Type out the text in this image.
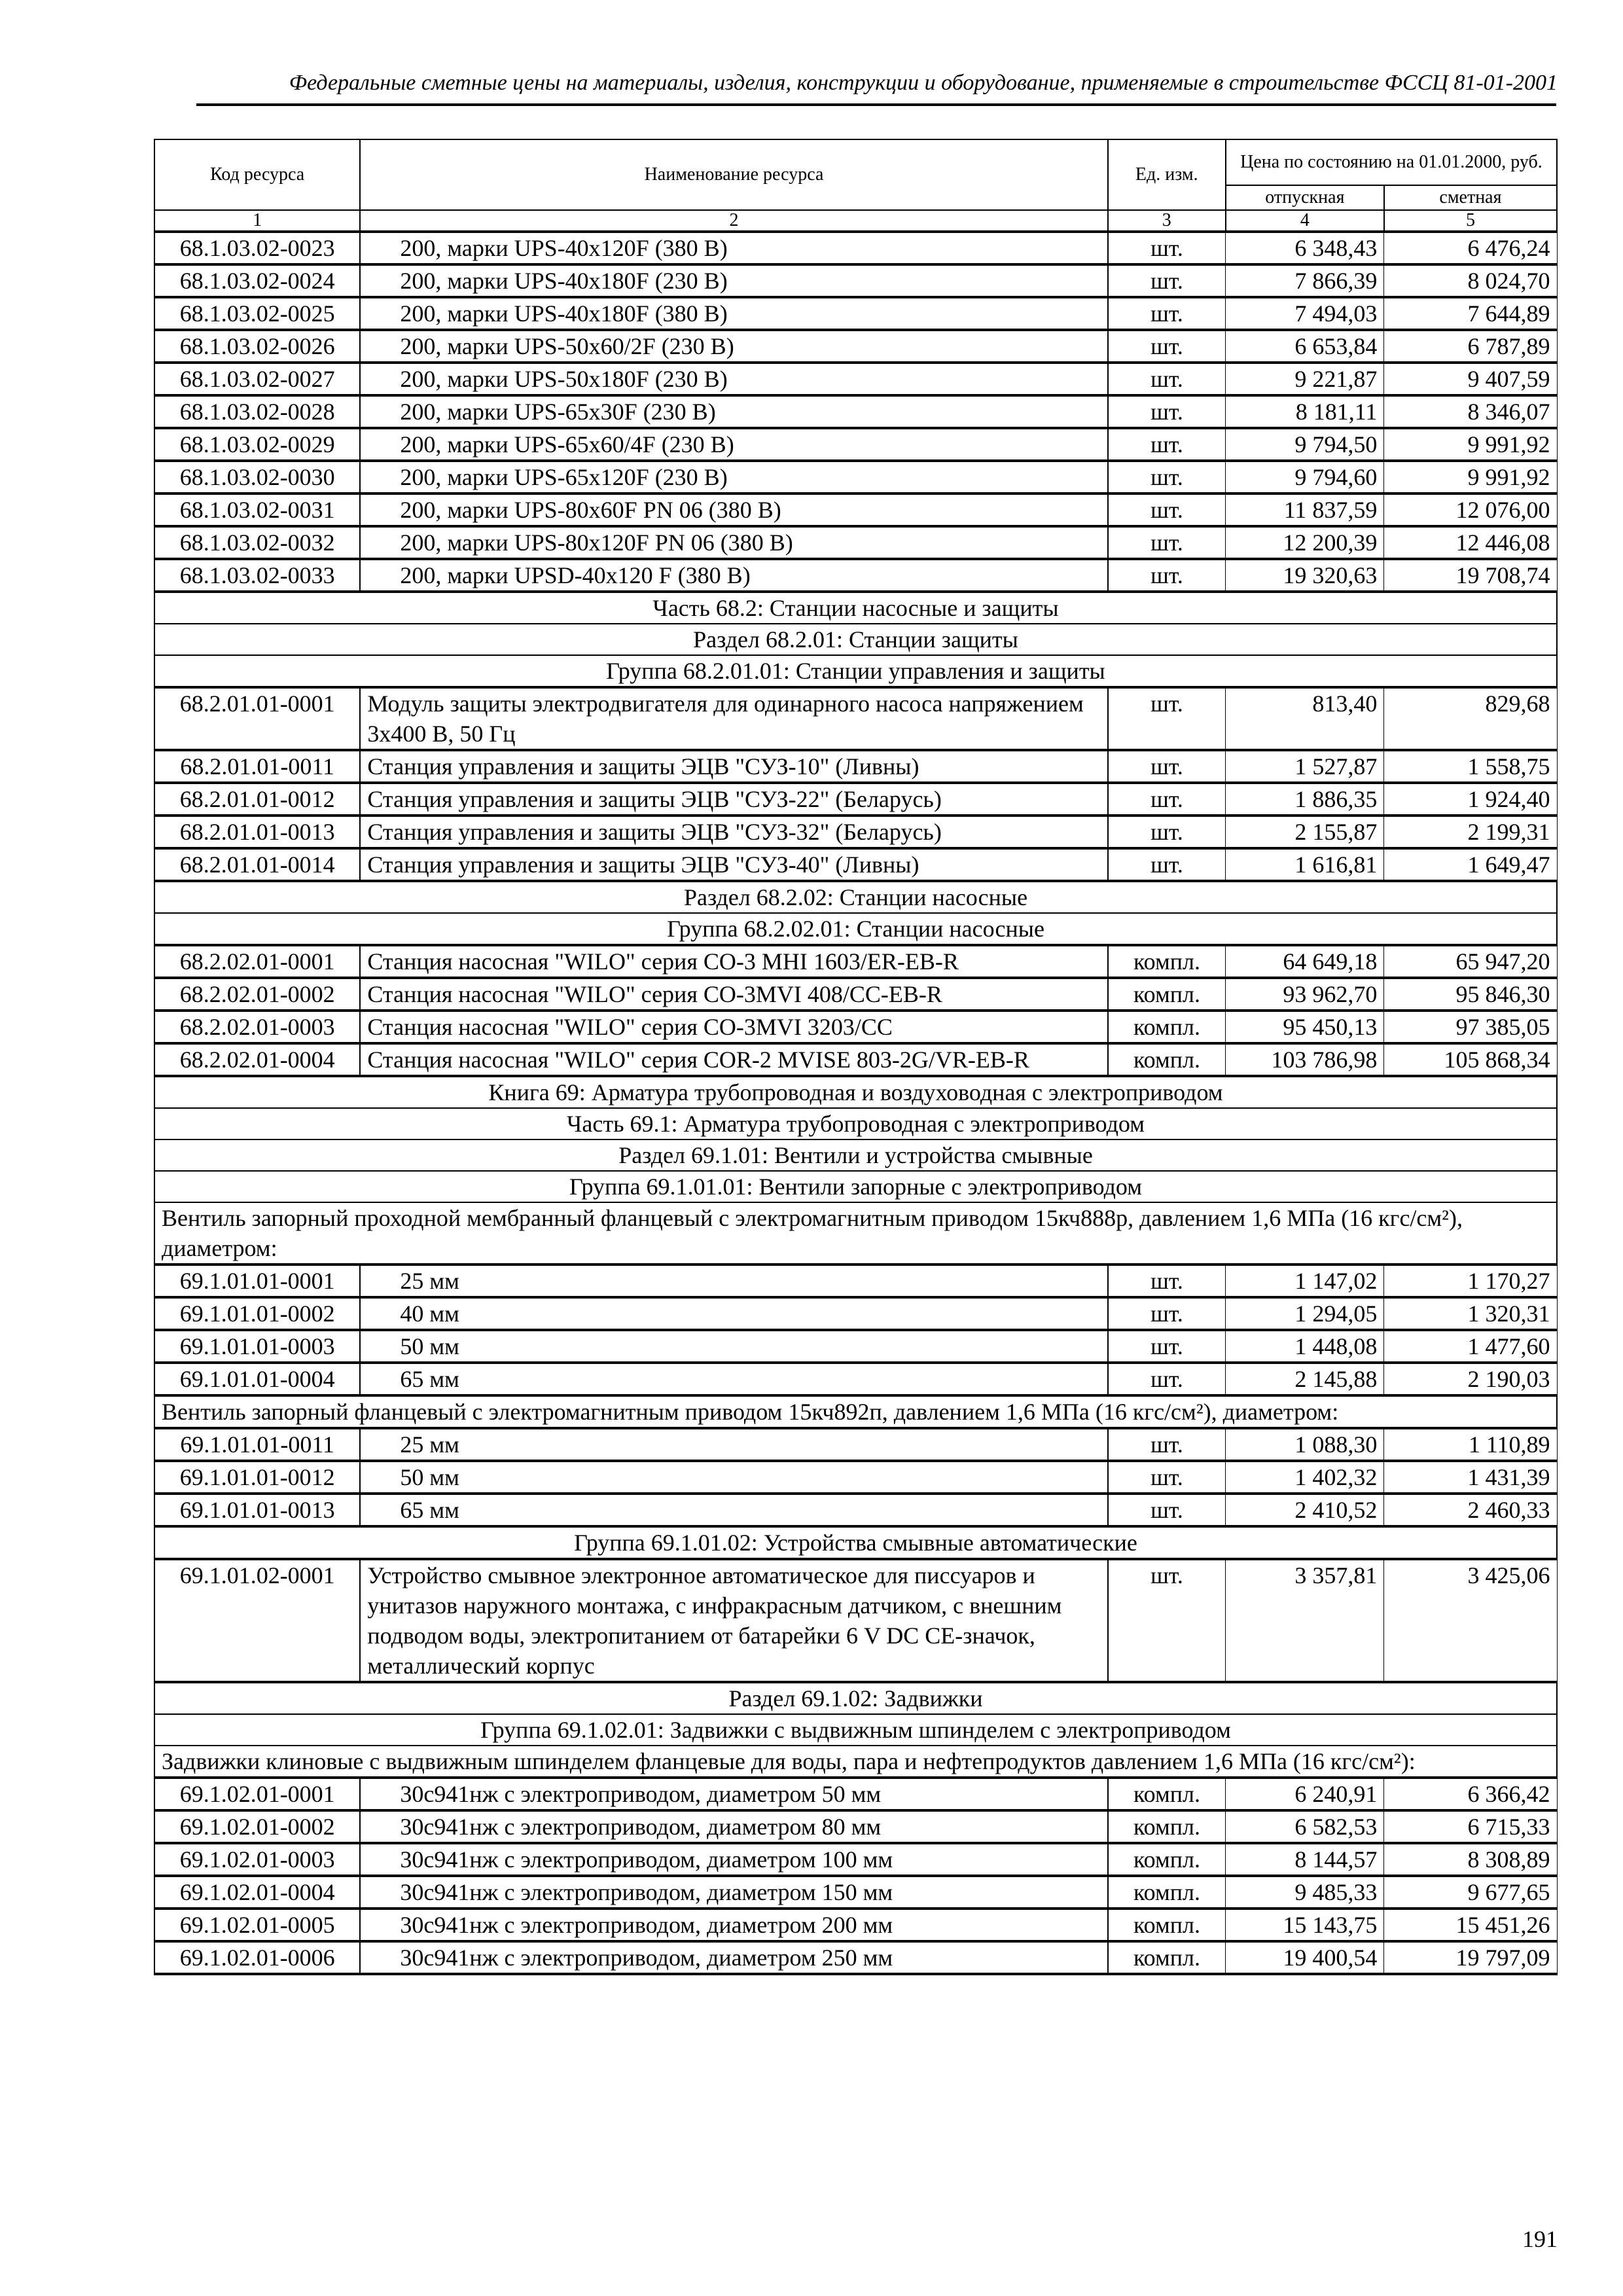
Федеральные сметные цены на материалы, изделия, конструкции и оборудование, применяемые в строительстве ФССЦ 81-01-2001
Код ресурса	Наименование ресурса	Ед. изм.	Цена по состоянию на 01.01.2000, руб.	
			отпускная	сметная
1	2	3	4	5
68.1.03.02-0023	200, марки UPS-40x120F (380 В)	шт.	6 348,43	6 476,24
68.1.03.02-0024	200, марки UPS-40x180F (230 В)	шт.	7 866,39	8 024,70
68.1.03.02-0025	200, марки UPS-40x180F (380 В)	шт.	7 494,03	7 644,89
68.1.03.02-0026	200, марки UPS-50x60/2F (230 В)	шт.	6 653,84	6 787,89
68.1.03.02-0027	200, марки UPS-50x180F (230 В)	шт.	9 221,87	9 407,59
68.1.03.02-0028	200, марки UPS-65x30F (230 В)	шт.	8 181,11	8 346,07
68.1.03.02-0029	200, марки UPS-65x60/4F (230 В)	шт.	9 794,50	9 991,92
68.1.03.02-0030	200, марки UPS-65x120F (230 В)	шт.	9 794,60	9 991,92
68.1.03.02-0031	200, марки UPS-80x60F PN 06 (380 В)	шт.	11 837,59	12 076,00
68.1.03.02-0032	200, марки UPS-80x120F PN 06 (380 В)	шт.	12 200,39	12 446,08
68.1.03.02-0033	200, марки UPSD-40x120 F (380 В)	шт.	19 320,63	19 708,74
Часть 68.2: Станции насосные и защиты				
Раздел 68.2.01: Станции защиты				
Группа 68.2.01.01: Станции управления и защиты				
68.2.01.01-0001	Модуль защиты электродвигателя для одинарного насоса напряжением 3х400 В, 50 Гц	шт.	813,40	829,68
68.2.01.01-0011	Станция управления и защиты ЭЦВ "СУЗ-10" (Ливны)	шт.	1 527,87	1 558,75
68.2.01.01-0012	Станция управления и защиты ЭЦВ "СУЗ-22" (Беларусь)	шт.	1 886,35	1 924,40
68.2.01.01-0013	Станция управления и защиты ЭЦВ "СУЗ-32" (Беларусь)	шт.	2 155,87	2 199,31
68.2.01.01-0014	Станция управления и защиты ЭЦВ "СУЗ-40" (Ливны)	шт.	1 616,81	1 649,47
Раздел 68.2.02: Станции насосные				
Группа 68.2.02.01: Станции насосные				
68.2.02.01-0001	Станция насосная "WILO" серия CO-3 MHI 1603/ER-EB-R	компл.	64 649,18	65 947,20
68.2.02.01-0002	Станция насосная "WILO" серия CO-3MVI 408/CC-EB-R	компл.	93 962,70	95 846,30
68.2.02.01-0003	Станция насосная "WILO" серия CO-3MVI 3203/CC	компл.	95 450,13	97 385,05
68.2.02.01-0004	Станция насосная "WILO" серия COR-2 MVISE 803-2G/VR-EB-R	компл.	103 786,98	105 868,34
Книга 69: Арматура трубопроводная и воздуховодная с электроприводом				
Часть 69.1: Арматура трубопроводная с электроприводом				
Раздел 69.1.01: Вентили и устройства смывные				
Группа 69.1.01.01: Вентили запорные с электроприводом				
Вентиль запорный проходной мембранный фланцевый с электромагнитным приводом 15кч888р, давлением 1,6 МПа (16 кгс/см²), диаметром:				
69.1.01.01-0001	25 мм	шт.	1 147,02	1 170,27
69.1.01.01-0002	40 мм	шт.	1 294,05	1 320,31
69.1.01.01-0003	50 мм	шт.	1 448,08	1 477,60
69.1.01.01-0004	65 мм	шт.	2 145,88	2 190,03
Вентиль запорный фланцевый с электромагнитным приводом 15кч892п, давлением 1,6 МПа (16 кгс/см²), диаметром:				
69.1.01.01-0011	25 мм	шт.	1 088,30	1 110,89
69.1.01.01-0012	50 мм	шт.	1 402,32	1 431,39
69.1.01.01-0013	65 мм	шт.	2 410,52	2 460,33
Группа 69.1.01.02: Устройства смывные автоматические				
69.1.01.02-0001	Устройство смывное электронное автоматическое для писсуаров и унитазов наружного монтажа, с инфракрасным датчиком, с внешним подводом воды, электропитанием от батарейки 6 V DC CE-значок, металлический корпус	шт.	3 357,81	3 425,06
Раздел 69.1.02: Задвижки				
Группа 69.1.02.01: Задвижки с выдвижным шпинделем с электроприводом				
Задвижки клиновые с выдвижным шпинделем фланцевые для воды, пара и нефтепродуктов давлением 1,6 МПа (16 кгс/см²):				
69.1.02.01-0001	30с941нж с электроприводом, диаметром 50 мм	компл.	6 240,91	6 366,42
69.1.02.01-0002	30с941нж с электроприводом, диаметром 80 мм	компл.	6 582,53	6 715,33
69.1.02.01-0003	30с941нж с электроприводом, диаметром 100 мм	компл.	8 144,57	8 308,89
69.1.02.01-0004	30с941нж с электроприводом, диаметром 150 мм	компл.	9 485,33	9 677,65
69.1.02.01-0005	30с941нж с электроприводом, диаметром 200 мм	компл.	15 143,75	15 451,26
69.1.02.01-0006	30с941нж с электроприводом, диаметром 250 мм	компл.	19 400,54	19 797,09
191
